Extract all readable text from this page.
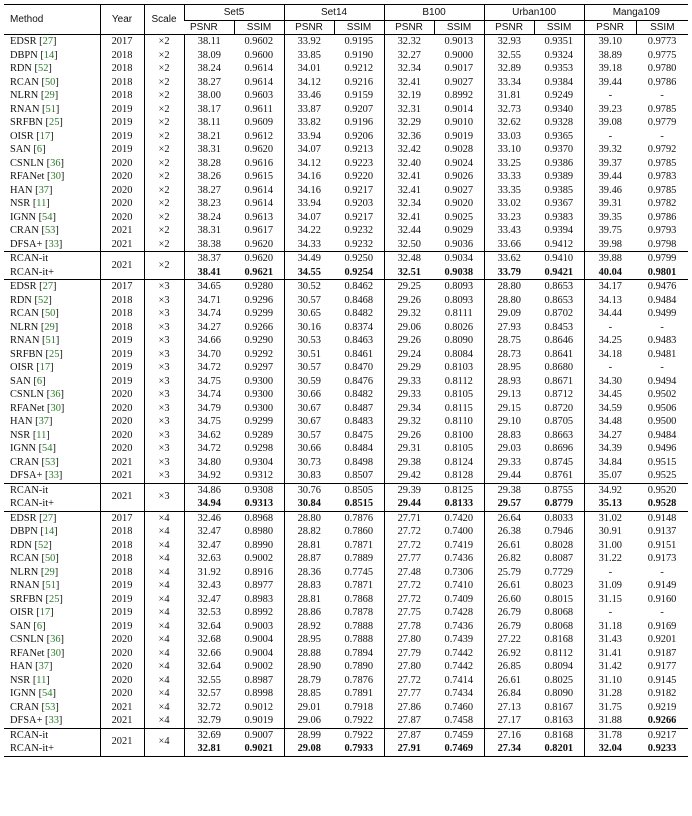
Method	Year	Scale	Set5		Set14		B100		Urban100		Manga109	
			PSNR	SSIM	PSNR	SSIM	PSNR	SSIM	PSNR	SSIM	PSNR	SSIM
EDSR [27]	2017	×2	38.11	0.9602	33.92	0.9195	32.32	0.9013	32.93	0.9351	39.10	0.9773
DBPN [14]	2018	×2	38.09	0.9600	33.85	0.9190	32.27	0.9000	32.55	0.9324	38.89	0.9775
RDN [52]	2018	×2	38.24	0.9614	34.01	0.9212	32.34	0.9017	32.89	0.9353	39.18	0.9780
RCAN [50]	2018	×2	38.27	0.9614	34.12	0.9216	32.41	0.9027	33.34	0.9384	39.44	0.9786
NLRN [29]	2018	×2	38.00	0.9603	33.46	0.9159	32.19	0.8992	31.81	0.9249	-	-
RNAN [51]	2019	×2	38.17	0.9611	33.87	0.9207	32.31	0.9014	32.73	0.9340	39.23	0.9785
SRFBN [25]	2019	×2	38.11	0.9609	33.82	0.9196	32.29	0.9010	32.62	0.9328	39.08	0.9779
OISR [17]	2019	×2	38.21	0.9612	33.94	0.9206	32.36	0.9019	33.03	0.9365	-	-
SAN [6]	2019	×2	38.31	0.9620	34.07	0.9213	32.42	0.9028	33.10	0.9370	39.32	0.9792
CSNLN [36]	2020	×2	38.28	0.9616	34.12	0.9223	32.40	0.9024	33.25	0.9386	39.37	0.9785
RFANet [30]	2020	×2	38.26	0.9615	34.16	0.9220	32.41	0.9026	33.33	0.9389	39.44	0.9783
HAN [37]	2020	×2	38.27	0.9614	34.16	0.9217	32.41	0.9027	33.35	0.9385	39.46	0.9785
NSR [11]	2020	×2	38.23	0.9614	33.94	0.9203	32.34	0.9020	33.02	0.9367	39.31	0.9782
IGNN [54]	2020	×2	38.24	0.9613	34.07	0.9217	32.41	0.9025	33.23	0.9383	39.35	0.9786
CRAN [53]	2021	×2	38.31	0.9617	34.22	0.9232	32.44	0.9029	33.43	0.9394	39.75	0.9793
DFSA+ [33]	2021	×2	38.38	0.9620	34.33	0.9232	32.50	0.9036	33.66	0.9412	39.98	0.9798
RCAN-it	2021	×2	38.37	0.9620	34.49	0.9250	32.48	0.9034	33.62	0.9410	39.88	0.9799
RCAN-it+			38.41	0.9621	34.55	0.9254	32.51	0.9038	33.79	0.9421	40.04	0.9801
EDSR [27]	2017	×3	34.65	0.9280	30.52	0.8462	29.25	0.8093	28.80	0.8653	34.17	0.9476
RDN [52]	2018	×3	34.71	0.9296	30.57	0.8468	29.26	0.8093	28.80	0.8653	34.13	0.9484
RCAN [50]	2018	×3	34.74	0.9299	30.65	0.8482	29.32	0.8111	29.09	0.8702	34.44	0.9499
NLRN [29]	2018	×3	34.27	0.9266	30.16	0.8374	29.06	0.8026	27.93	0.8453	-	-
RNAN [51]	2019	×3	34.66	0.9290	30.53	0.8463	29.26	0.8090	28.75	0.8646	34.25	0.9483
SRFBN [25]	2019	×3	34.70	0.9292	30.51	0.8461	29.24	0.8084	28.73	0.8641	34.18	0.9481
OISR [17]	2019	×3	34.72	0.9297	30.57	0.8470	29.29	0.8103	28.95	0.8680	-	-
SAN [6]	2019	×3	34.75	0.9300	30.59	0.8476	29.33	0.8112	28.93	0.8671	34.30	0.9494
CSNLN [36]	2020	×3	34.74	0.9300	30.66	0.8482	29.33	0.8105	29.13	0.8712	34.45	0.9502
RFANet [30]	2020	×3	34.79	0.9300	30.67	0.8487	29.34	0.8115	29.15	0.8720	34.59	0.9506
HAN [37]	2020	×3	34.75	0.9299	30.67	0.8483	29.32	0.8110	29.10	0.8705	34.48	0.9500
NSR [11]	2020	×3	34.62	0.9289	30.57	0.8475	29.26	0.8100	28.83	0.8663	34.27	0.9484
IGNN [54]	2020	×3	34.72	0.9298	30.66	0.8484	29.31	0.8105	29.03	0.8696	34.39	0.9496
CRAN [53]	2021	×3	34.80	0.9304	30.73	0.8498	29.38	0.8124	29.33	0.8745	34.84	0.9515
DFSA+ [33]	2021	×3	34.92	0.9312	30.83	0.8507	29.42	0.8128	29.44	0.8761	35.07	0.9525
RCAN-it	2021	×3	34.86	0.9308	30.76	0.8505	29.39	0.8125	29.38	0.8755	34.92	0.9520
RCAN-it+			34.94	0.9313	30.84	0.8515	29.44	0.8133	29.57	0.8779	35.13	0.9528
EDSR [27]	2017	×4	32.46	0.8968	28.80	0.7876	27.71	0.7420	26.64	0.8033	31.02	0.9148
DBPN [14]	2018	×4	32.47	0.8980	28.82	0.7860	27.72	0.7400	26.38	0.7946	30.91	0.9137
RDN [52]	2018	×4	32.47	0.8990	28.81	0.7871	27.72	0.7419	26.61	0.8028	31.00	0.9151
RCAN [50]	2018	×4	32.63	0.9002	28.87	0.7889	27.77	0.7436	26.82	0.8087	31.22	0.9173
NLRN [29]	2018	×4	31.92	0.8916	28.36	0.7745	27.48	0.7306	25.79	0.7729	-	-
RNAN [51]	2019	×4	32.43	0.8977	28.83	0.7871	27.72	0.7410	26.61	0.8023	31.09	0.9149
SRFBN [25]	2019	×4	32.47	0.8983	28.81	0.7868	27.72	0.7409	26.60	0.8015	31.15	0.9160
OISR [17]	2019	×4	32.53	0.8992	28.86	0.7878	27.75	0.7428	26.79	0.8068	-	-
SAN [6]	2019	×4	32.64	0.9003	28.92	0.7888	27.78	0.7436	26.79	0.8068	31.18	0.9169
CSNLN [36]	2020	×4	32.68	0.9004	28.95	0.7888	27.80	0.7439	27.22	0.8168	31.43	0.9201
RFANet [30]	2020	×4	32.66	0.9004	28.88	0.7894	27.79	0.7442	26.92	0.8112	31.41	0.9187
HAN [37]	2020	×4	32.64	0.9002	28.90	0.7890	27.80	0.7442	26.85	0.8094	31.42	0.9177
NSR [11]	2020	×4	32.55	0.8987	28.79	0.7876	27.72	0.7414	26.61	0.8025	31.10	0.9145
IGNN [54]	2020	×4	32.57	0.8998	28.85	0.7891	27.77	0.7434	26.84	0.8090	31.28	0.9182
CRAN [53]	2021	×4	32.72	0.9012	29.01	0.7918	27.86	0.7460	27.13	0.8167	31.75	0.9219
DFSA+ [33]	2021	×4	32.79	0.9019	29.06	0.7922	27.87	0.7458	27.17	0.8163	31.88	0.9266
RCAN-it	2021	×4	32.69	0.9007	28.99	0.7922	27.87	0.7459	27.16	0.8168	31.78	0.9217
RCAN-it+			32.81	0.9021	29.08	0.7933	27.91	0.7469	27.34	0.8201	32.04	0.9233
